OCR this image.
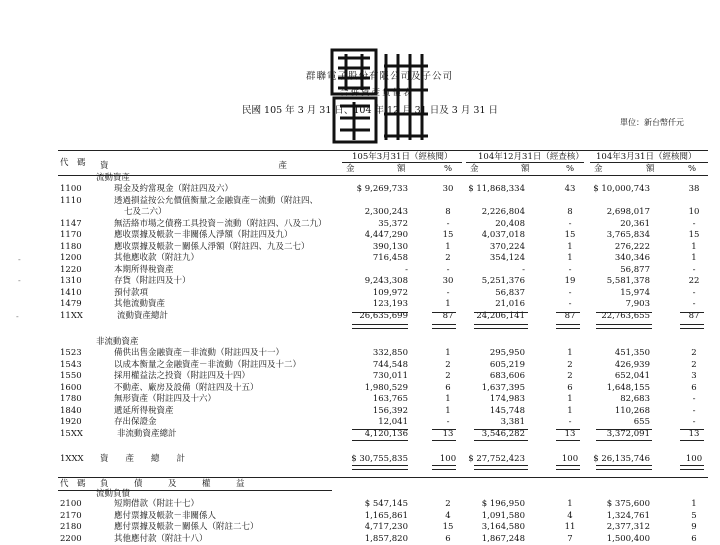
群聯電子股份有限公司及子公司
合併資產負債表
民國 105 年 3 月 31 日、104 年 12 月 31 日及 3 月 31 日
單位：新台幣仟元
-
-
-
代　碼 資　　　　　　　　　　　　　　　　　　　　產
105年3月31日（經核閱）	104年12月31日（經查核） 104年3月31日（經核閱）
金　　　　　額	% 金　　　　　額	% 金	額	%
流動資產
1100	現金及約當現金（附註四及六）	$ 9,269,733	30	$ 11,868,334	43	$ 10,000,743	38
1110	透過損益按公允價值衡量之金融資產－流動（附註四、
七及二六）	2,300,243	8	2,226,804	8	2,698,017	10
1147	無活絡市場之債務工具投資－流動（附註四、八及二九）	35,372	-	20,408	-	20,361	-
1170	應收票據及帳款－非關係人淨額（附註四及九）	4,447,290	15	4,037,018	15	3,765,834	15
1180	應收票據及帳款－關係人淨額（附註四、九及二七）	390,130	1	370,224	1	276,222	1
1200	其他應收款（附註九）	716,458	2	354,124	1	340,346	1
1220	本期所得稅資產	-	-	-	-	56,877	-
1310	存貨（附註四及十）	9,243,308	30	5,251,376	19	5,581,378	22
1410	預付款項	109,972	-	56,837	-	15,974	-
1479	其他流動資產	123,193	1	21,016	-	7,903	-
11XX 　　流動資產總計	26,635,699	87	24,206,141	87	22,763,655	87
非流動資產
1523	備供出售金融資產－非流動（附註四及十一）	332,850	1	295,950	1	451,350	2
1543	以成本衡量之金融資產－非流動（附註四及十二）	744,548	2	605,219	2	426,939	2
1550	採用權益法之投資（附註四及十四）	730,011	2	683,606	2	652,041	3
1600	不動產、廠房及設備（附註四及十五）	1,980,529	6	1,637,395	6	1,648,155	6
1780	無形資產（附註四及十六）	163,765	1	174,983	1	82,683	-
1840	遞延所得稅資產	156,392	1	145,748	1	110,268	-
1920	存出保證金	12,041	-	3,381	-	655	-
15XX 　　非流動資產總計	4,120,136	13	3,546,282	13	3,372,091	13
1XXX 資　　產　　總　　計	$ 30,755,835	100 $ 27,752,423	100 $ 26,135,746	100
代　碼 負　　　債　　　及　　　權　　　益
流動負債
2100	短期借款（附註十七）	$ 547,145	2	$ 196,950	1	$ 375,600	1
2170	應付票據及帳款－非關係人	1,165,861	4	1,091,580	4	1,324,761	5
2180	應付票據及帳款－關係人（附註二七）	4,717,230	15	3,164,580	11	2,377,312	9
2200	其他應付款（附註十八）	1,857,820	6	1,867,248	7	1,500,400	6
